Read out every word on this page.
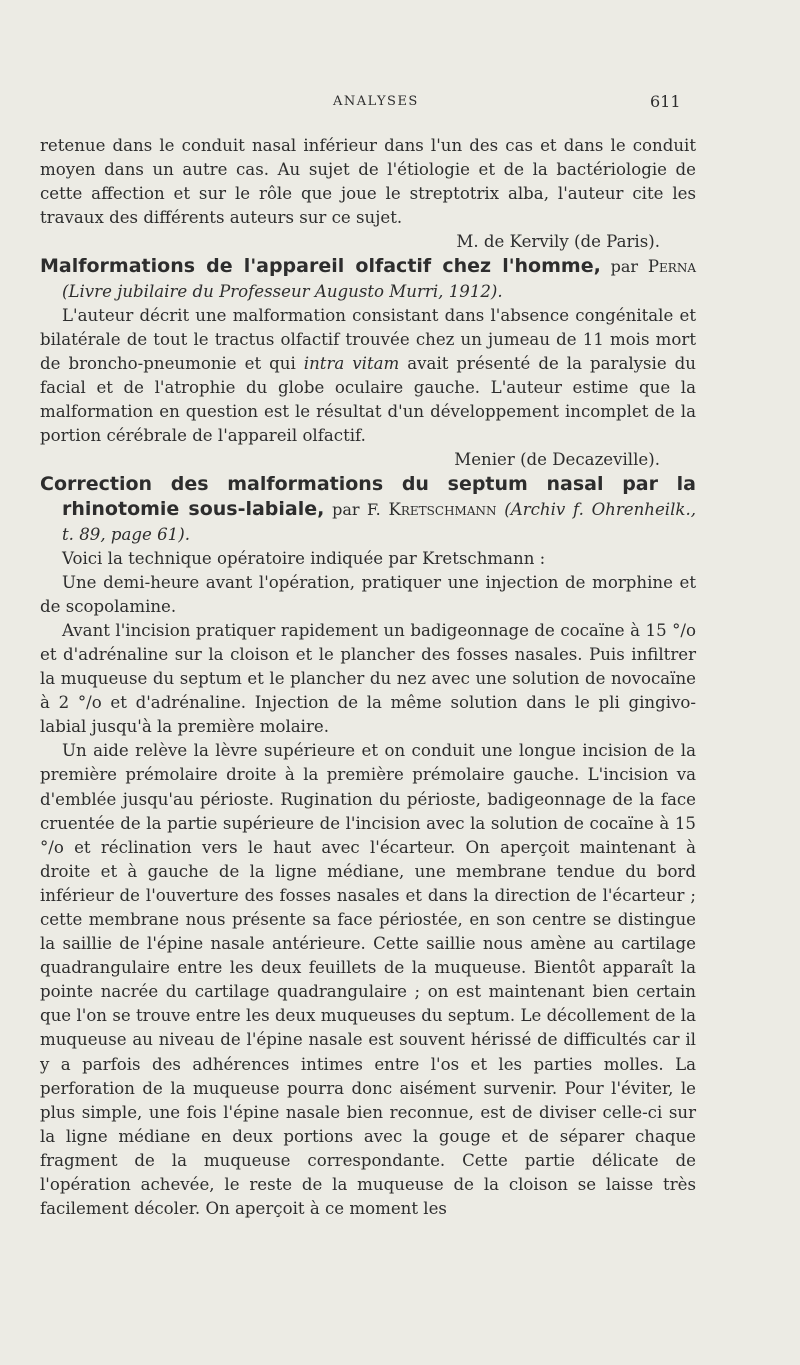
ANALYSES	611

retenue dans le conduit nasal inférieur dans l'un des cas et dans le conduit moyen dans un autre cas. Au sujet de l'étiologie et de la bactériologie de cette affection et sur le rôle que joue le streptotrix alba, l'auteur cite les travaux des différents auteurs sur ce sujet.

M. de Kervily (de Paris).

Malformations de l'appareil olfactif chez l'homme, par Perna (Livre jubilaire du Professeur Augusto Murri, 1912).

L'auteur décrit une malformation consistant dans l'absence congénitale et bilatérale de tout le tractus olfactif trouvée chez un jumeau de 11 mois mort de broncho-pneumonie et qui intra vitam avait présenté de la paralysie du facial et de l'atrophie du globe oculaire gauche. L'auteur estime que la malformation en question est le résultat d'un développement incomplet de la portion cérébrale de l'appareil olfactif.

Menier (de Decazeville).

Correction des malformations du septum nasal par la rhinotomie sous-labiale, par F. Kretschmann (Archiv f. Ohrenheilk., t. 89, page 61).

Voici la technique opératoire indiquée par Kretschmann :

Une demi-heure avant l'opération, pratiquer une injection de morphine et de scopolamine.

Avant l'incision pratiquer rapidement un badigeonnage de cocaïne à 15 °/o et d'adrénaline sur la cloison et le plancher des fosses nasales. Puis infiltrer la muqueuse du septum et le plancher du nez avec une solution de novocaïne à 2 °/o et d'adrénaline. Injection de la même solution dans le pli gingivo-labial jusqu'à la première molaire.

Un aide relève la lèvre supérieure et on conduit une longue incision de la première prémolaire droite à la première prémolaire gauche. L'incision va d'emblée jusqu'au périoste. Rugination du périoste, badigeonnage de la face cruentée de la partie supérieure de l'incision avec la solution de cocaïne à 15 °/o et réclination vers le haut avec l'écarteur. On aperçoit maintenant à droite et à gauche de la ligne médiane, une membrane tendue du bord inférieur de l'ouverture des fosses nasales et dans la direction de l'écarteur ; cette membrane nous présente sa face périostée, en son centre se distingue la saillie de l'épine nasale antérieure. Cette saillie nous amène au cartilage quadrangulaire entre les deux feuillets de la muqueuse. Bientôt apparaît la pointe nacrée du cartilage quadrangulaire ; on est maintenant bien certain que l'on se trouve entre les deux muqueuses du septum. Le décollement de la muqueuse au niveau de l'épine nasale est souvent hérissé de difficultés car il y a parfois des adhérences intimes entre l'os et les parties molles. La perforation de la muqueuse pourra donc aisément survenir. Pour l'éviter, le plus simple, une fois l'épine nasale bien reconnue, est de diviser celle-ci sur la ligne médiane en deux portions avec la gouge et de séparer chaque fragment de la muqueuse correspondante. Cette partie délicate de l'opération achevée, le reste de la muqueuse de la cloison se laisse très facilement décoler. On aperçoit à ce moment les
